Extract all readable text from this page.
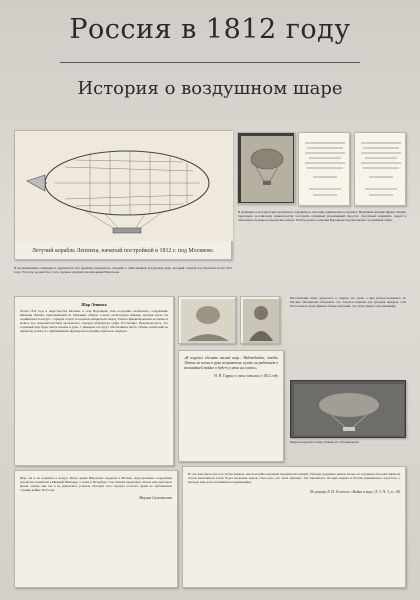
Россия в 1812 году
История о воздушном шаре
Летучий корабль Леппиха, начатый постройкой в 1812 г. под Москвою.
В воспоминаниях очевидцев и документах того времени сохранились сведения о таинственном воздушном шаре, который строили под Москвой летом 1812 года. Этот шар должен был стать грозным оружием против армии Наполеона.
В архивных и исторических материалах сохранилось описание удивительного проекта. Немецкий механик Франц Леппих предложил российскому правительству построить огромный управляемый аэростат, способный поднимать людей и сбрасывать снаряды на вражеские войска. Работы велись в имении Воронцово под Москвой в строжайшей тайне.
Шар Леппиха
Летом 1812 года в окрестностях Москвы, в селе Воронцове, шла постройка необычного сооружения. Механик Леппих, приглашённый из Германии, обещал создать летательную машину, которая могла бы подниматься в воздух с отрядом солдат и поражать неприятеля сверху. Работы финансировались из казны и велись под покровительством московского генерал-губернатора графа Ростопчина. Предполагалось, что огромный шар будет иметь крылья и руль, а движение его будут обеспечивать вёсла. Однако испытания не принесли успеха, и с приближением французов постройку пришлось свернуть.
«Я поручил сделать малый шар... Наблюдайте, чтобы Леппих не попал в руки неприятеля; пусть он работает в величайшей тайне и будет у меня на глазах».
Н. Н. Гаррис о своих записках о 1812 году
Изготовление шара держалось в секрете, но слухи о нём распространились по Москве. Москвичам объясняли, что строится машина для тушения пожаров. Сам Ростопчин в своих афишах обещал жителям, что скоро увидят они диковинку.
Модель воздушного шара Леппиха из собрания музея
Шар так и не поднялся в воздух. Когда армия Наполеона подошла к Москве, недостроенное сооружение разобрали и вывезли в Нижний Новгород, а затем в Петербург. Сам Леппих продолжал опыты ещё некоторое время, однако они так и не увенчались успехом. История этого проекта осталась одной из любопытных страниц войны 1812 года.
Марина Самохвалова
В этот день было для того чтобы увидеть, как постройка медленно продвигалась вперёд. Рабочие трудились днём и ночью, но огромная оболочка никак не хотела наполняться газом. Через несколько недель стало ясно, что затея обречена. Так закончилась история первого в России управляемого аэростата, о котором ещё долго вспоминали современники.
По роману Л. Н. Толстого «Война и мир» (Т. 3, Ч. 3, гл. 18)
